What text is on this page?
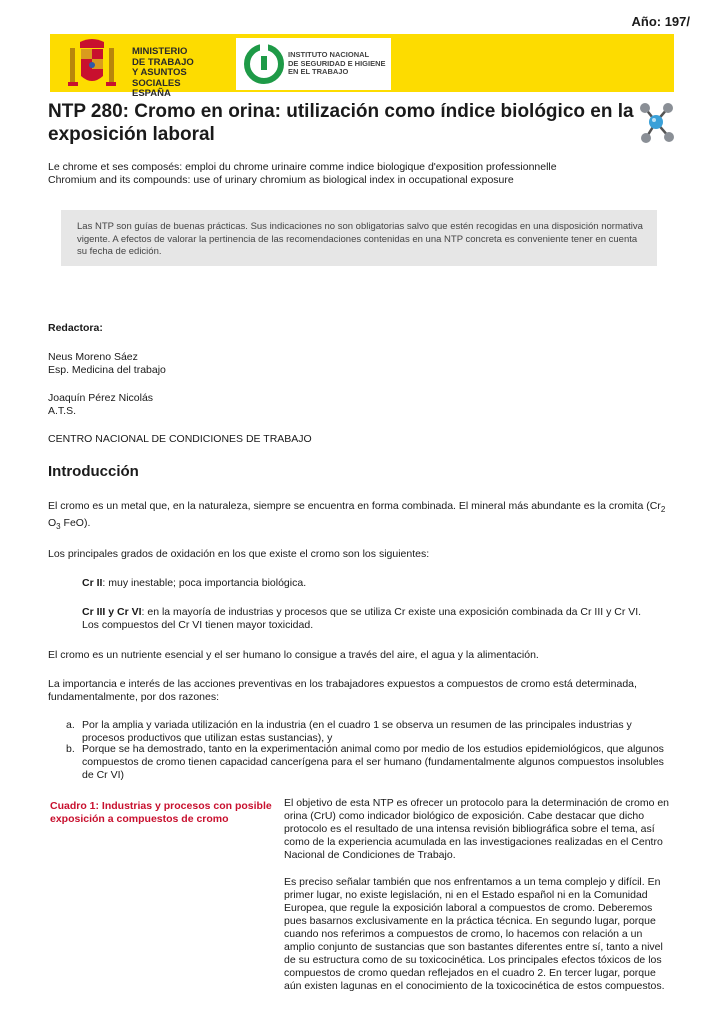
Año: 197/
MINISTERIO
DE TRABAJO
Y ASUNTOS SOCIALES
ESPAÑA
INSTITUTO NACIONAL
DE SEGURIDAD E HIGIENE
EN EL TRABAJO
NTP 280: Cromo en orina: utilización como índice biológico en la exposición laboral
Le chrome et ses composés: emploi du chrome urinaire comme indice biologique d'exposition professionnelle
Chromium and its compounds: use of urinary chromium as biological index in occupational exposure
Las NTP son guías de buenas prácticas. Sus indicaciones no son obligatorias salvo que estén recogidas en una disposición normativa vigente. A efectos de valorar la pertinencia de las recomendaciones contenidas en una NTP concreta es conveniente tener en cuenta su fecha de edición.
Redactora:
Neus Moreno Sáez
Esp. Medicina del trabajo
Joaquín Pérez Nicolás
A.T.S.
CENTRO NACIONAL DE CONDICIONES DE TRABAJO
Introducción
El cromo es un metal que, en la naturaleza, siempre se encuentra en forma combinada. El mineral más abundante es la cromita ($Cr_2$
$O_3$ FeO).
Los principales grados de oxidación en los que existe el cromo son los siguientes:
Cr II: muy inestable; poca importancia biológica.
Cr III y Cr VI: en la mayoría de industrias y procesos que se utiliza Cr existe una exposición combinada da Cr III y Cr VI.
Los compuestos del Cr VI tienen mayor toxicidad.
El cromo es un nutriente esencial y el ser humano lo consigue a través del aire, el agua y la alimentación.
La importancia e interés de las acciones preventivas en los trabajadores expuestos a compuestos de cromo está determinada, fundamentalmente, por dos razones:
a. Por la amplia y variada utilización en la industria (en el cuadro 1 se observa un resumen de las principales industrias y procesos productivos que utilizan estas sustancias), y
b. Porque se ha demostrado, tanto en la experimentación animal como por medio de los estudios epidemiológicos, que algunos compuestos de cromo tienen capacidad cancerígena para el ser humano (fundamentalmente algunos compuestos insolubles de Cr VI)
Cuadro 1: Industrias y procesos con posible exposición a compuestos de cromo
El objetivo de esta NTP es ofrecer un protocolo para la determinación de cromo en orina (CrU) como indicador biológico de exposición. Cabe destacar que dicho protocolo es el resultado de una intensa revisión bibliográfica sobre el tema, así como de la experiencia acumulada en las investigaciones realizadas en el Centro Nacional de Condiciones de Trabajo.
Es preciso señalar también que nos enfrentamos a un tema complejo y difícil. En primer lugar, no existe legislación, ni en el Estado español ni en la Comunidad Europea, que regule la exposición laboral a compuestos de cromo. Deberemos pues basarnos exclusivamente en la práctica técnica. En segundo lugar, porque cuando nos referimos a compuestos de cromo, lo hacemos con relación a un amplio conjunto de sustancias que son bastantes diferentes entre sí, tanto a nivel de su estructura como de su toxicocinética. Los principales efectos tóxicos de los compuestos de cromo quedan reflejados en el cuadro 2. En tercer lugar, porque aún existen lagunas en el conocimiento de la toxicocinética de estos compuestos.
